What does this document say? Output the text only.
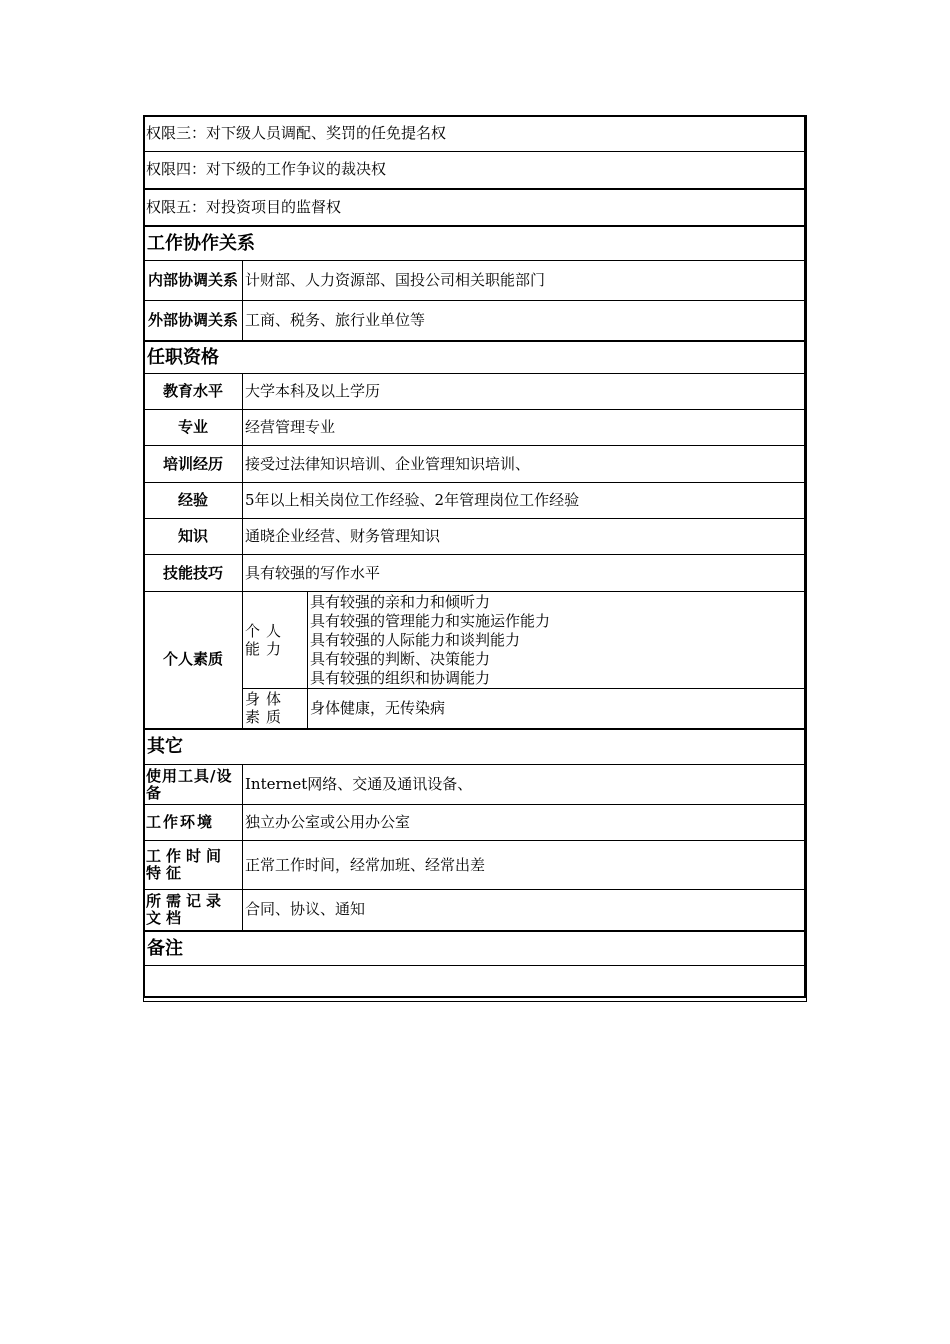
权限三：对下级人员调配、奖罚的任免提名权		
权限四：对下级的工作争议的裁决权		
权限五：对投资项目的监督权		
工作协作关系		
内部协调关系	计财部、人力资源部、国投公司相关职能部门	
外部协调关系	工商、税务、旅行业单位等	
任职资格		
教育水平	大学本科及以上学历	
专业	经营管理专业	
培训经历	接受过法律知识培训、企业管理知识培训、	
经验	5年以上相关岗位工作经验、2年管理岗位工作经验	
知识	通晓企业经营、财务管理知识	
技能技巧	具有较强的写作水平	
个人素质	个人能力	具有较强的亲和力和倾听力
具有较强的管理能力和实施运作能力
具有较强的人际能力和谈判能力
具有较强的判断、决策能力
具有较强的组织和协调能力

	身体素质	身体健康，无传染病
其它		
使用工具/设备	Internet网络、交通及通讯设备、	
工作环境	独立办公室或公用办公室	
工作时间特征	正常工作时间，经常加班、经常出差	
所需记录文档	合同、协议、通知	
备注		
